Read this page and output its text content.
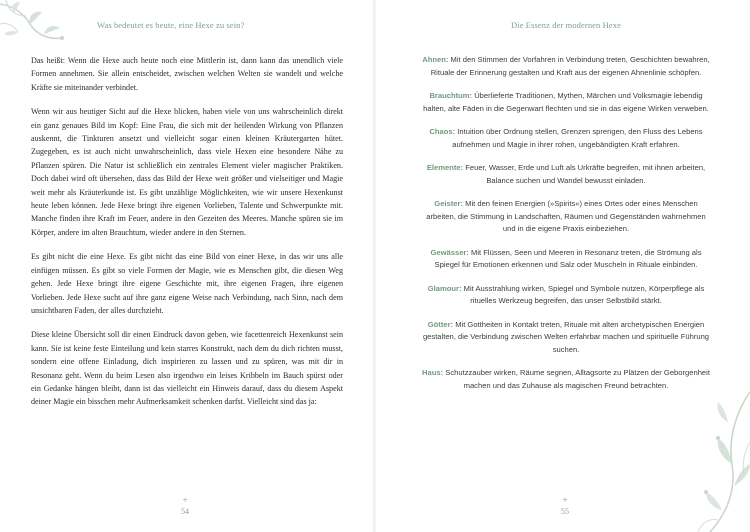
Was bedeutet es heute, eine Hexe zu sein?

Das heißt: Wenn die Hexe auch heute noch eine Mittlerin ist, dann kann das unendlich viele Formen annehmen. Sie allein entscheidet, zwischen welchen Welten sie wandelt und welche Kräfte sie miteinander verbindet.

Wenn wir aus heutiger Sicht auf die Hexe blicken, haben viele von uns wahrscheinlich direkt ein ganz genaues Bild im Kopf: Eine Frau, die sich mit der heilenden Wirkung von Pflanzen auskennt, die Tinkturen ansetzt und vielleicht sogar einen kleinen Kräutergarten hütet. Zugegeben, es ist auch nicht unwahrscheinlich, dass viele Hexen eine besondere Nähe zu Pflanzen spüren. Die Natur ist schließlich ein zentrales Element vieler magischer Praktiken. Doch dabei wird oft übersehen, dass das Bild der Hexe weit größer und vielseitiger und Magie weit mehr als Kräuterkunde ist. Es gibt unzählige Möglichkeiten, wie wir unsere Hexenkunst heute leben können. Jede Hexe bringt ihre eigenen Vorlieben, Talente und Schwerpunkte mit. Manche finden ihre Kraft im Feuer, andere in den Gezeiten des Meeres. Manche spüren sie im Körper, andere im alten Brauchtum, wieder andere in den Sternen.

Es gibt nicht die eine Hexe. Es gibt nicht das eine Bild von einer Hexe, in das wir uns alle einfügen müssen. Es gibt so viele Formen der Magie, wie es Menschen gibt, die diesen Weg gehen. Jede Hexe bringt ihre eigene Geschichte mit, ihre eigenen Fragen, ihre eigenen Vorlieben. Jede Hexe sucht auf ihre ganz eigene Weise nach Verbindung, nach Sinn, nach dem unsichtbaren Faden, der alles durchzieht.

Diese kleine Übersicht soll dir einen Eindruck davon geben, wie facettenreich Hexenkunst sein kann. Sie ist keine feste Einteilung und kein starres Konstrukt, nach dem du dich richten musst, sondern eine offene Einladung, dich inspirieren zu lassen und zu spüren, was mit dir in Resonanz geht. Wenn du beim Lesen also irgendwo ein leises Kribbeln im Bauch spürst oder ein Gedanke hängen bleibt, dann ist das vielleicht ein Hinweis darauf, dass du diesem Aspekt deiner Magie ein bisschen mehr Aufmerksamkeit schenken darfst. Vielleicht sind das ja:

+
54
Die Essenz der modernen Hexe
Ahnen: Mit den Stimmen der Vorfahren in Verbindung treten, Geschichten bewahren, Rituale der Erinnerung gestalten und Kraft aus der eigenen Ahnenlinie schöpfen.
Brauchtum: Überlieferte Traditionen, Mythen, Märchen und Volksmagie lebendig halten, alte Fäden in die Gegenwart flechten und sie in das eigene Wirken verweben.
Chaos: Intuition über Ordnung stellen, Grenzen sprengen, den Fluss des Lebens aufnehmen und Magie in ihrer rohen, ungebändigten Kraft erfahren.
Elemente: Feuer, Wasser, Erde und Luft als Urkräfte begreifen, mit ihnen arbeiten, Balance suchen und Wandel bewusst einladen.
Geister: Mit den feinen Energien (»Spirits«) eines Ortes oder eines Menschen arbeiten, die Stimmung in Landschaften, Räumen und Gegenständen wahrnehmen und in die eigene Praxis einbeziehen.
Gewässer: Mit Flüssen, Seen und Meeren in Resonanz treten, die Strömung als Spiegel für Emotionen erkennen und Salz oder Muscheln in Rituale einbinden.
Glamour: Mit Ausstrahlung wirken, Spiegel und Symbole nutzen, Körperpflege als rituelles Werkzeug begreifen, das unser Selbstbild stärkt.
Götter: Mit Gottheiten in Kontakt treten, Rituale mit alten archetypischen Energien gestalten, die Verbindung zwischen Welten erfahrbar machen und spirituelle Führung suchen.
Haus: Schutzzauber wirken, Räume segnen, Alltagsorte zu Plätzen der Geborgenheit machen und das Zuhause als magischen Freund betrachten.
+
55
